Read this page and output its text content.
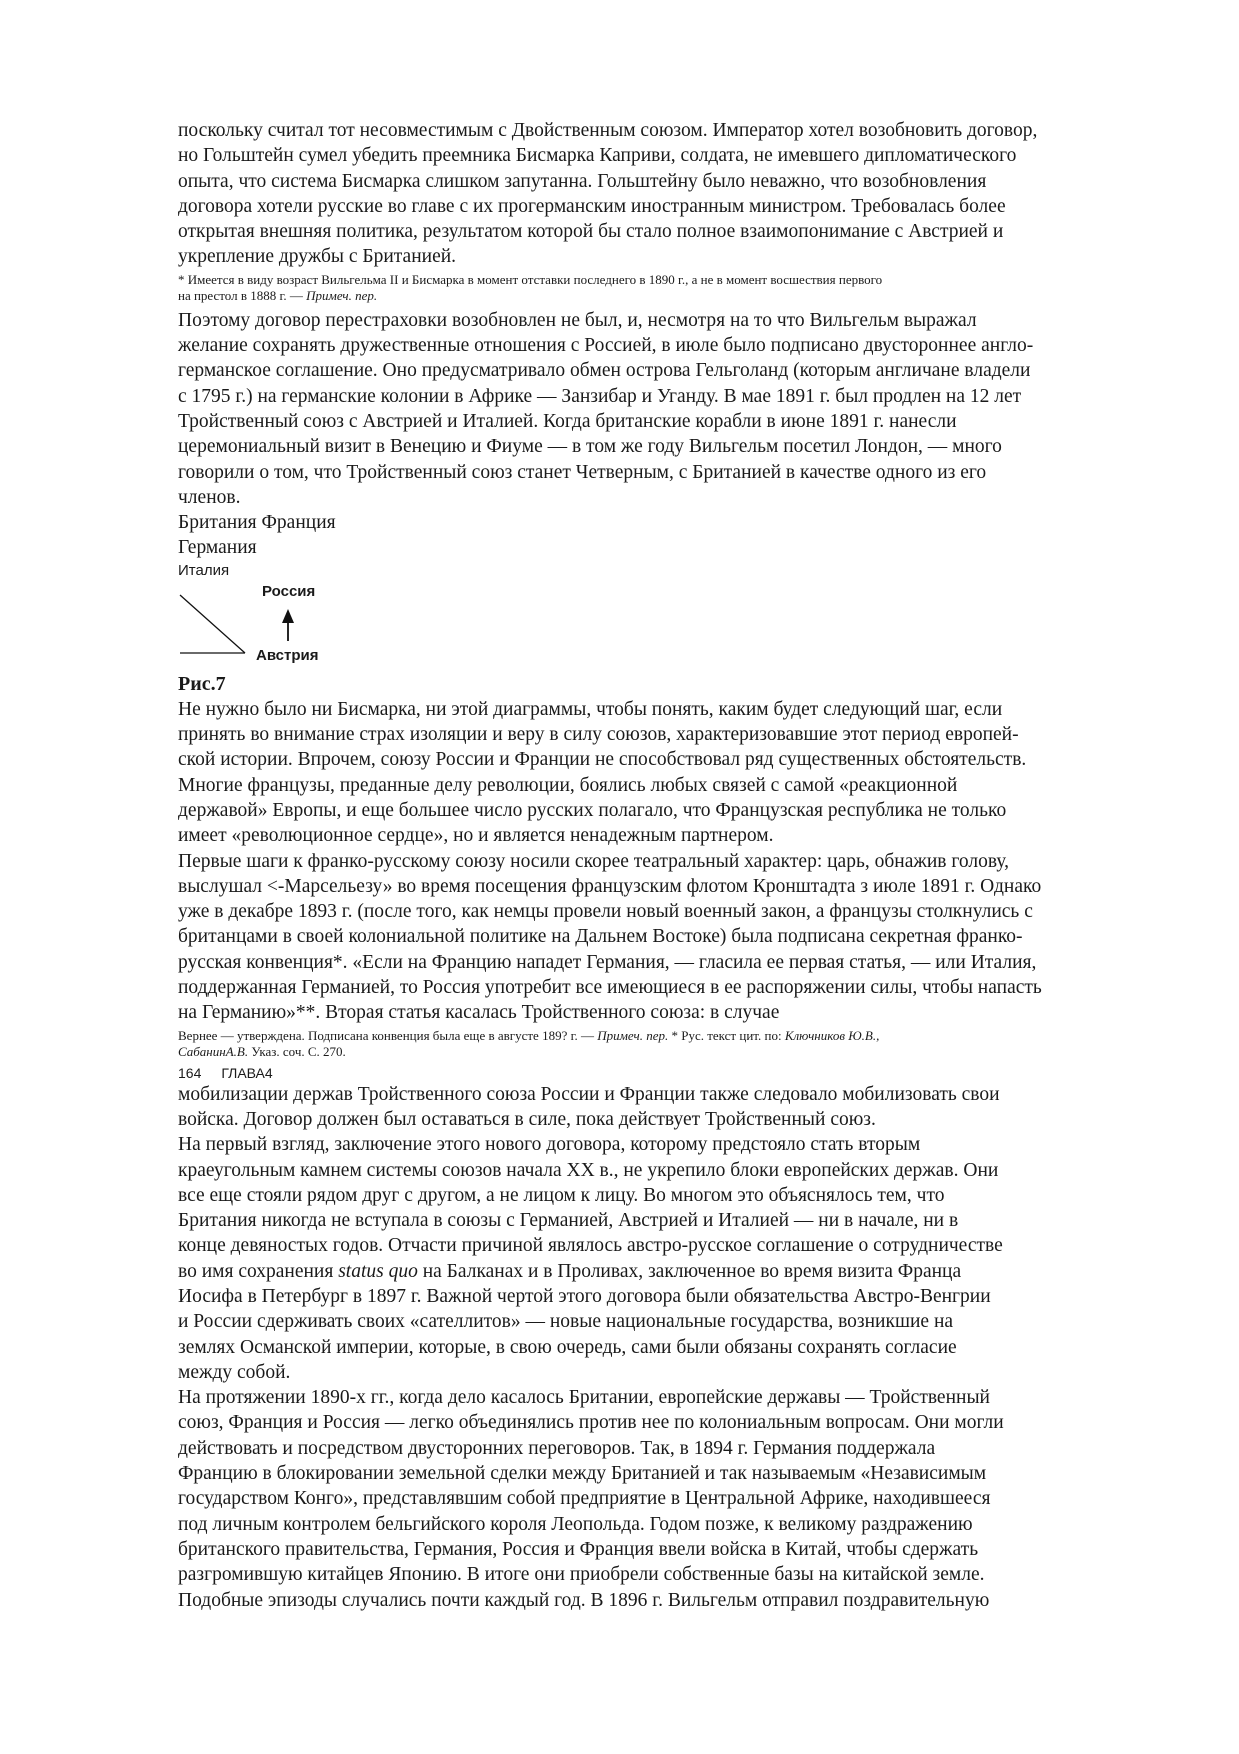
поскольку считал тот несовместимым с Двойственным союзом. Император хотел возобновить договор,
но Гольштейн сумел убедить преемника Бисмарка Каприви, солдата, не имевшего дипломатического
опыта, что система Бисмарка слишком запутанна. Гольштейну было неважно, что возобновления
договора хотели русские во главе с их прогерманским иностранным министром. Требовалась более
открытая внешняя политика, результатом которой бы стало полное взаимопонимание с Австрией и
укрепление дружбы с Британией.
* Имеется в виду возраст Вильгельма II и Бисмарка в момент отставки последнего в 1890 г., а не в момент восшествия первого
на престол в 1888 г. — Примеч. пер.
Поэтому договор перестраховки возобновлен не был, и, несмотря на то что Вильгельм выражал
желание сохранять дружественные отношения с Россией, в июле было подписано двустороннее англо-
германское соглашение. Оно предусматривало обмен острова Гельголанд (которым англичане владели
с 1795 г.) на германские колонии в Африке — Занзибар и Уганду. В мае 1891 г. был продлен на 12 лет
Тройственный союз с Австрией и Италией. Когда британские корабли в июне 1891 г. нанесли
церемониальный визит в Венецию и Фиуме — в том же году Вильгельм посетил Лондон, — много
говорили о том, что Тройственный союз станет Четверным, с Британией в качестве одного из его
членов.
Британия Франция
Германия
Италия
Россия
Австрия
Рис.7
Не нужно было ни Бисмарка, ни этой диаграммы, чтобы понять, каким будет следующий шаг, если
принять во внимание страх изоляции и веру в силу союзов, характеризовавшие этот период европей-
ской истории. Впрочем, союзу России и Франции не способствовал ряд существенных обстоятельств.
Многие французы, преданные делу революции, боялись любых связей с самой «реакционной
державой» Европы, и еще большее число русских полагало, что Французская республика не только
имеет «революционное сердце», но и является ненадежным партнером.
Первые шаги к франко-русскому союзу носили скорее театральный характер: царь, обнажив голову,
выслушал <-Марсельезу» во время посещения французским флотом Кронштадта з июле 1891 г. Однако
уже в декабре 1893 г. (после того, как немцы провели новый военный закон, а французы столкнулись с
британцами в своей колониальной политике на Дальнем Востоке) была подписана секретная франко-
русская конвенция*. «Если на Францию нападет Германия, — гласила ее первая статья, — или Италия,
поддержанная Германией, то Россия употребит все имеющиеся в ее распоряжении силы, чтобы напасть
на Германию»**. Вторая статья касалась Тройственного союза: в случае
Вернее — утверждена. Подписана конвенция была еще в августе 189? г. — Примеч. пер. * Рус. текст цит. по: Ключников Ю.В.,
СабанинА.В. Указ. соч. С. 270.
164 ГЛАВА4
мобилизации держав Тройственного союза России и Франции также следовало мобилизовать свои
войска. Договор должен был оставаться в силе, пока действует Тройственный союз.
На первый взгляд, заключение этого нового договора, которому предстояло стать вторым
краеугольным камнем системы союзов начала XX в., не укрепило блоки европейских держав. Они
все еще стояли рядом друг с другом, а не лицом к лицу. Во многом это объяснялось тем, что
Британия никогда не вступала в союзы с Германией, Австрией и Италией — ни в начале, ни в
конце девяностых годов. Отчасти причиной являлось австро-русское соглашение о сотрудничестве
во имя сохранения status quo на Балканах и в Проливах, заключенное во время визита Франца
Иосифа в Петербург в 1897 г. Важной чертой этого договора были обязательства Австро-Венгрии
и России сдерживать своих «сателлитов» — новые национальные государства, возникшие на
землях Османской империи, которые, в свою очередь, сами были обязаны сохранять согласие
между собой.
На протяжении 1890-х гг., когда дело касалось Британии, европейские державы — Тройственный
союз, Франция и Россия — легко объединялись против нее по колониальным вопросам. Они могли
действовать и посредством двусторонних переговоров. Так, в 1894 г. Германия поддержала
Францию в блокировании земельной сделки между Британией и так называемым «Независимым
государством Конго», представлявшим собой предприятие в Центральной Африке, находившееся
под личным контролем бельгийского короля Леопольда. Годом позже, к великому раздражению
британского правительства, Германия, Россия и Франция ввели войска в Китай, чтобы сдержать
разгромившую китайцев Японию. В итоге они приобрели собственные базы на китайской земле.
Подобные эпизоды случались почти каждый год. В 1896 г. Вильгельм отправил поздравительную
